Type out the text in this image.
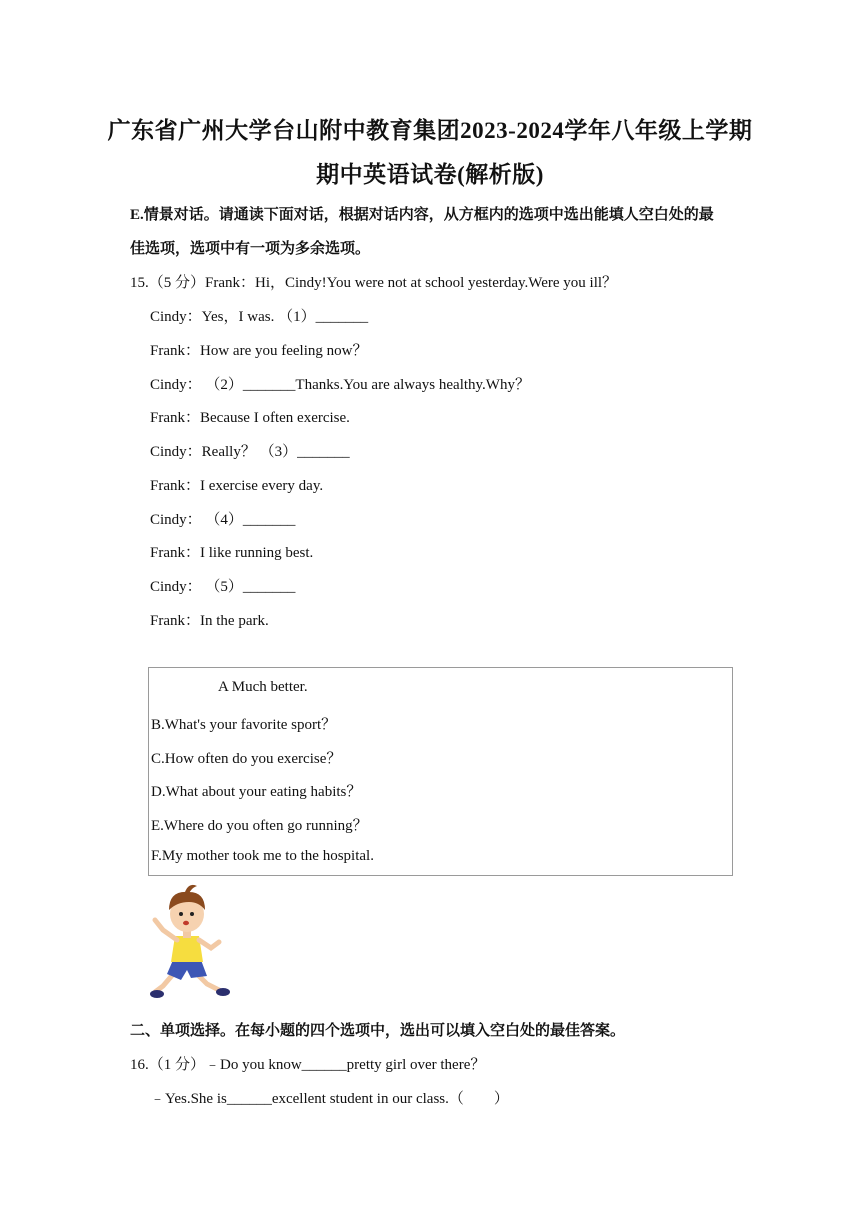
广东省广州大学台山附中教育集团2023-2024学年八年级上学期
期中英语试卷(解析版)
E.情景对话。请通读下面对话，根据对话内容，从方框内的选项中选出能填人空白处的最
佳选项，选项中有一项为多余选项。
15.（5 分）Frank：Hi，Cindy!You were not at school yesterday.Were you ill？
Cindy：Yes，I was. （1）_______
Frank：How are you feeling now？
Cindy： （2）_______Thanks.You are always healthy.Why？
Frank：Because I often exercise.
Cindy：Really？ （3）_______
Frank：I exercise every day.
Cindy： （4）_______
Frank：I like running best.
Cindy： （5）_______
Frank：In the park.
A Much better.
B.What's your favorite sport？
C.How often do you exercise？
D.What about your eating habits？
E.Where do you often go running？
F.My mother took me to the hospital.
二、单项选择。在每小题的四个选项中，选出可以填入空白处的最佳答案。
16.（1 分）﹣Do you know______pretty girl over there？
﹣Yes.She is______excellent student in our class.（　　）
